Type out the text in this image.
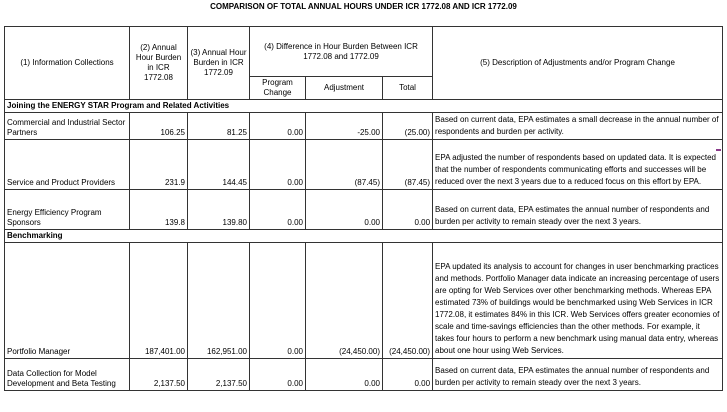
COMPARISON OF TOTAL ANNUAL HOURS UNDER ICR 1772.08 AND ICR 1772.09
(1) Information Collections	(2) Annual Hour Burden in ICR 1772.08	(3) Annual Hour Burden in ICR 1772.09	(4) Difference in Hour Burden Between ICR 1772.08 and 1772.09			(5) Description of Adjustments and/or Program Change
			Program Change	Adjustment	Total	
Joining the ENERGY STAR Program and Related Activities						
Commercial and Industrial Sector Partners	106.25	81.25	0.00	-25.00	(25.00)	Based on current data, EPA estimates a small decrease in the annual number of respondents and burden per activity.
Service and Product Providers	231.9	144.45	0.00	(87.45)	(87.45)	EPA adjusted the number of respondents based on updated data. It is expected that the number of respondents communicating efforts and successes will be reduced over the next 3 years due to a reduced focus on this effort by EPA.
Energy Efficiency Program Sponsors	139.8	139.80	0.00	0.00	0.00	Based on current data, EPA estimates the annual number of respondents and burden per activity to remain steady over the next 3 years.
Benchmarking						
Portfolio Manager	187,401.00	162,951.00	0.00	(24,450.00)	(24,450.00)	EPA updated its analysis to account for changes in user benchmarking practices and methods. Portfolio Manager data indicate an increasing percentage of users are opting for Web Services over other benchmarking methods. Whereas EPA estimated 73% of buildings would be benchmarked using Web Services in ICR 1772.08, it estimates 84% in this ICR. Web Services offers greater economies of scale and time-savings efficiencies than the other methods. For example, it takes four hours to perform a new benchmark using manual data entry, whereas about one hour using Web Services.
Data Collection for Model Development and Beta Testing	2,137.50	2,137.50	0.00	0.00	0.00	Based on current data, EPA estimates the annual number of respondents and burden per activity to remain steady over the next 3 years.
